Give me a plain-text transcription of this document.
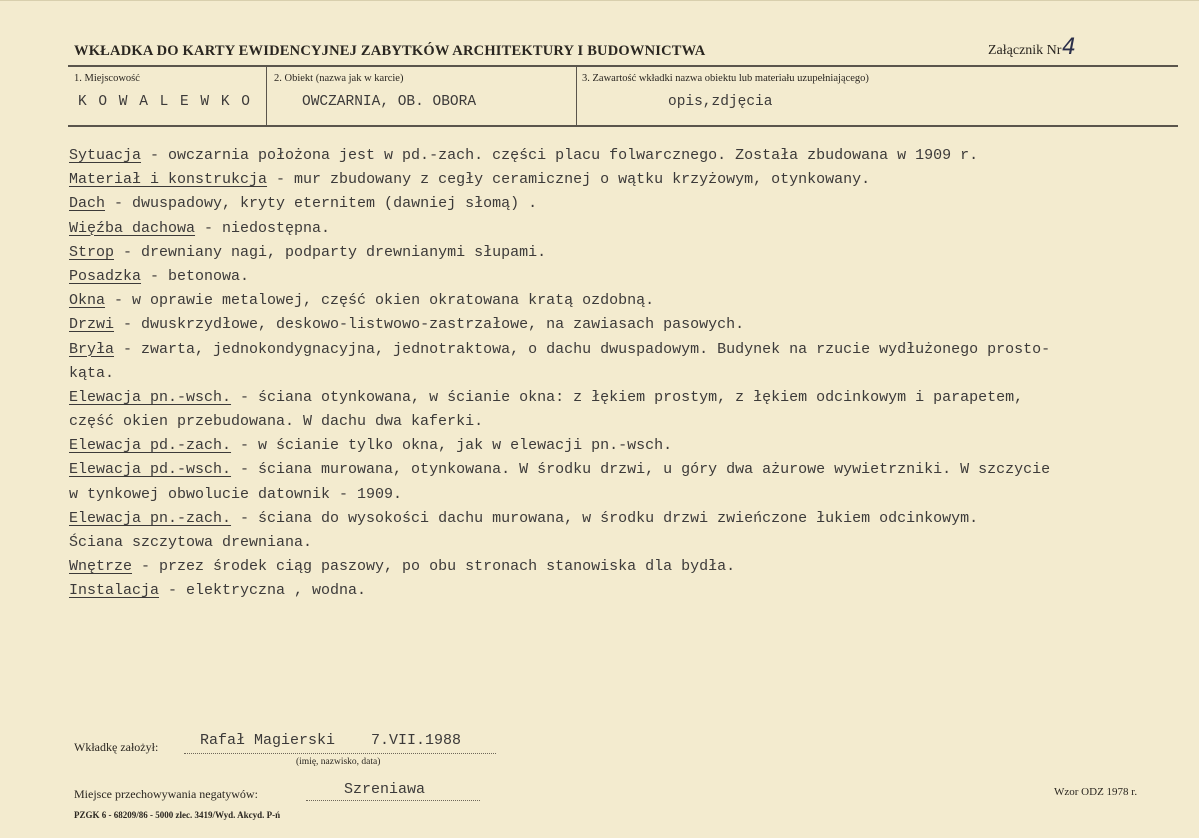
WKŁADKA DO KARTY EWIDENCYJNEJ ZABYTKÓW ARCHITEKTURY I BUDOWNICTWA	Załącznik Nr 4
1. Miejscowość
K O W A L E W K O
2. Obiekt (nazwa jak w karcie)
OWCZARNIA, OB. OBORA
3. Zawartość wkładki nazwa obiektu lub materiału uzupełniającego)
opis,zdjęcia
Sytuacja - owczarnia położona jest w pd.-zach. części placu folwarcznego. Została zbudowana w 1909 r.
Materiał i konstrukcja - mur zbudowany z cegły ceramicznej o wątku krzyżowym, otynkowany.
Dach - dwuspadowy, kryty eternitem (dawniej słomą) .
Więźba dachowa - niedostępna.
Strop - drewniany nagi, podparty drewnianymi słupami.
Posadzka - betonowa.
Okna - w oprawie metalowej, część okien okratowana kratą ozdobną.
Drzwi - dwuskrzydłowe, deskowo-listwowo-zastrzałowe, na zawiasach pasowych.
Bryła - zwarta, jednokondygnacyjna, jednotraktowa, o dachu dwuspadowym. Budynek na rzucie wydłużonego prosto-
kąta.
Elewacja pn.-wsch. - ściana otynkowana, w ścianie okna: z łękiem prostym, z łękiem odcinkowym i parapetem,
część okien przebudowana. W dachu dwa kaferki.
Elewacja pd.-zach. - w ścianie tylko okna, jak w elewacji pn.-wsch.
Elewacja pd.-wsch. - ściana murowana, otynkowana. W środku drzwi, u góry dwa ażurowe wywietrzniki. W szczycie
w tynkowej obwolucie datownik - 1909.
Elewacja pn.-zach. - ściana do wysokości dachu murowana, w środku drzwi zwieńczone łukiem odcinkowym.
Ściana szczytowa drewniana.
Wnętrze - przez środek ciąg paszowy, po obu stronach stanowiska dla bydła.
Instalacja - elektryczna , wodna.
Wkładkę założył:	Rafał Magierski    7.VII.1988
(imię, nazwisko, data)
Miejsce przechowywania negatywów:	Szreniawa
PZGK 6 - 68209/86 - 5000 zlec. 3419/Wyd. Akcyd. P-ń
Wzor ODZ 1978 r.
